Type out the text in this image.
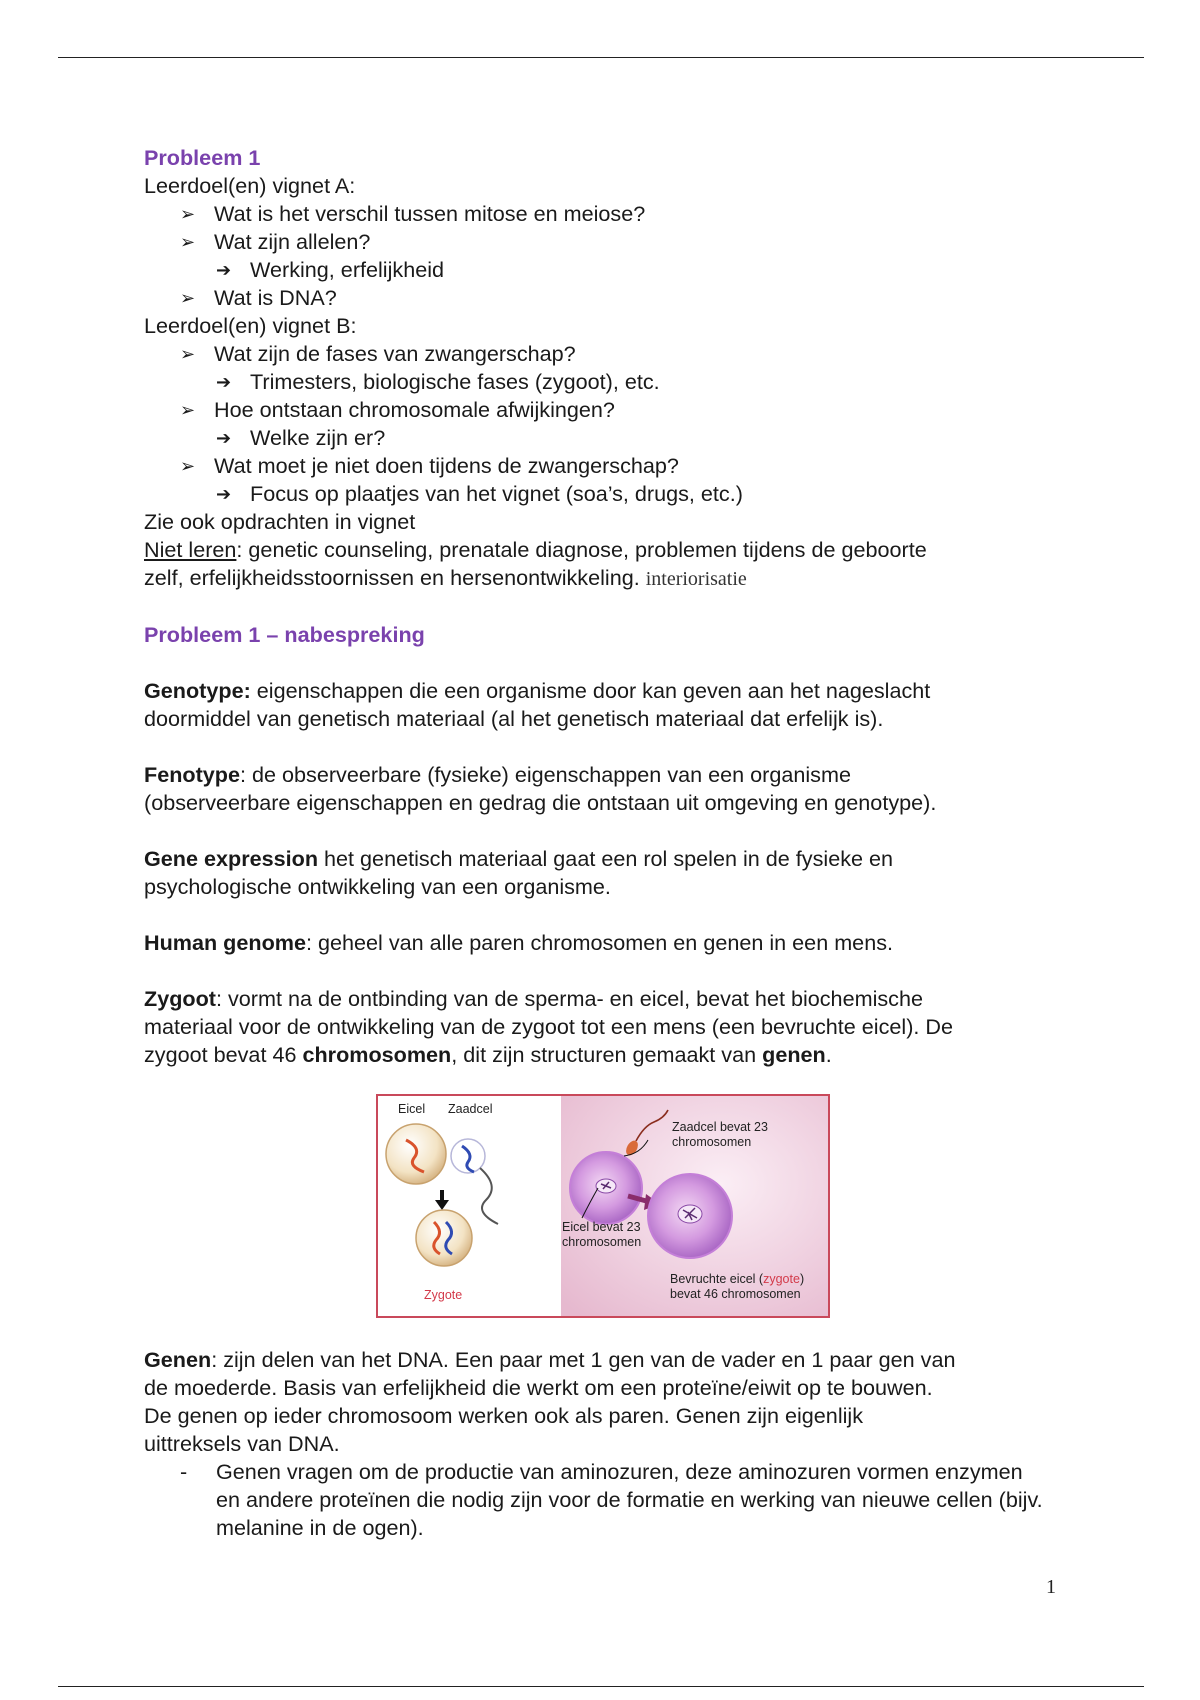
Probleem 1
Leerdoel(en) vignet A:
➢ Wat is het verschil tussen mitose en meiose?
➢ Wat zijn allelen?
➔ Werking, erfelijkheid
➢ Wat is DNA?
Leerdoel(en) vignet B:
➢ Wat zijn de fases van zwangerschap?
➔ Trimesters, biologische fases (zygoot), etc.
➢ Hoe ontstaan chromosomale afwijkingen?
➔ Welke zijn er?
➢ Wat moet je niet doen tijdens de zwangerschap?
➔ Focus op plaatjes van het vignet (soa’s, drugs, etc.)
Zie ook opdrachten in vignet
Niet leren: genetic counseling, prenatale diagnose, problemen tijdens de geboorte
zelf, erfelijkheidsstoornissen en hersenontwikkeling. interiorisatie
Probleem 1 – nabespreking
Genotype: eigenschappen die een organisme door kan geven aan het nageslacht
doormiddel van genetisch materiaal (al het genetisch materiaal dat erfelijk is).
Fenotype: de observeerbare (fysieke) eigenschappen van een organisme
(observeerbare eigenschappen en gedrag die ontstaan uit omgeving en genotype).
Gene expression het genetisch materiaal gaat een rol spelen in de fysieke en
psychologische ontwikkeling van een organisme.
Human genome: geheel van alle paren chromosomen en genen in een mens.
Zygoot: vormt na de ontbinding van de sperma- en eicel, bevat het biochemische
materiaal voor de ontwikkeling van de zygoot tot een mens (een bevruchte eicel). De
zygoot bevat 46 chromosomen, dit zijn structuren gemaakt van genen.
Eicel Zaadcel
Zygote
Zaadcel bevat 23
chromosomen
Eicel bevat 23
chromosomen
Bevruchte eicel (zygote)
bevat 46 chromosomen
Genen: zijn delen van het DNA. Een paar met 1 gen van de vader en 1 paar gen van
de moederde. Basis van erfelijkheid die werkt om een proteïne/eiwit op te bouwen.
De genen op ieder chromosoom werken ook als paren. Genen zijn eigenlijk
uittreksels van DNA.
-	Genen vragen om de productie van aminozuren, deze aminozuren vormen enzymen en andere proteïnen die nodig zijn voor de formatie en werking van nieuwe cellen (bijv. melanine in de ogen).
1
